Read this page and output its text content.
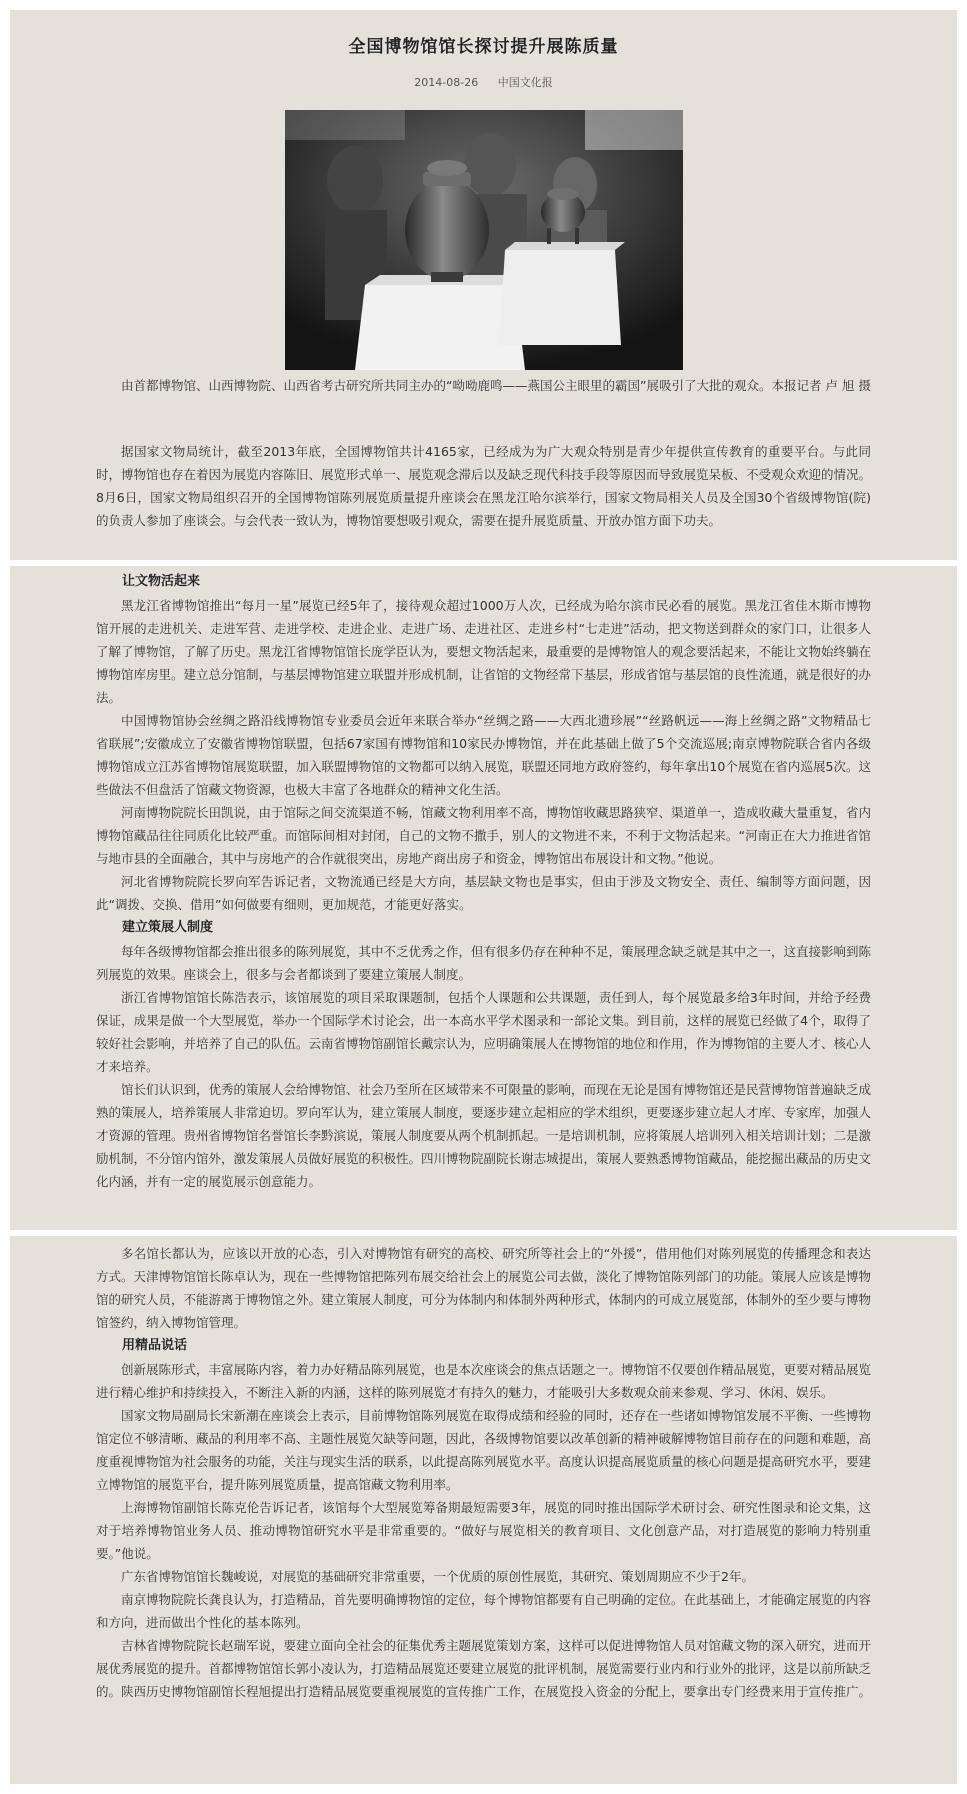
全国博物馆馆长探讨提升展陈质量
2014-08-26 中国文化报

由首都博物馆、山西博物院、山西省考古研究所共同主办的“呦呦鹿鸣——燕国公主眼里的霸国”展吸引了大批的观众。本报记者 卢 旭 摄

据国家文物局统计，截至2013年底，全国博物馆共计4165家，已经成为为广大观众特别是青少年提供宣传教育的重要平台。与此同时，博物馆也存在着因为展览内容陈旧、展览形式单一、展览观念滞后以及缺乏现代科技手段等原因而导致展览呆板、不受观众欢迎的情况。8月6日，国家文物局组织召开的全国博物馆陈列展览质量提升座谈会在黑龙江哈尔滨举行，国家文物局相关人员及全国30个省级博物馆(院)的负责人参加了座谈会。与会代表一致认为，博物馆要想吸引观众，需要在提升展览质量、开放办馆方面下功夫。

让文物活起来

黑龙江省博物馆推出“每月一星”展览已经5年了，接待观众超过1000万人次，已经成为哈尔滨市民必看的展览。黑龙江省佳木斯市博物馆开展的走进机关、走进军营、走进学校、走进企业、走进广场、走进社区、走进乡村“七走进”活动，把文物送到群众的家门口，让很多人了解了博物馆，了解了历史。黑龙江省博物馆馆长庞学臣认为，要想文物活起来，最重要的是博物馆人的观念要活起来，不能让文物始终躺在博物馆库房里。建立总分馆制，与基层博物馆建立联盟并形成机制，让省馆的文物经常下基层，形成省馆与基层馆的良性流通，就是很好的办法。

中国博物馆协会丝绸之路沿线博物馆专业委员会近年来联合举办“丝绸之路——大西北遗珍展”“丝路帆远——海上丝绸之路”文物精品七省联展”;安徽成立了安徽省博物馆联盟，包括67家国有博物馆和10家民办博物馆，并在此基础上做了5个交流巡展;南京博物院联合省内各级博物馆成立江苏省博物馆展览联盟，加入联盟博物馆的文物都可以纳入展览，联盟还同地方政府签约，每年拿出10个展览在省内巡展5次。这些做法不但盘活了馆藏文物资源，也极大丰富了各地群众的精神文化生活。

河南博物院院长田凯说，由于馆际之间交流渠道不畅，馆藏文物利用率不高，博物馆收藏思路狭窄、渠道单一，造成收藏大量重复，省内博物馆藏品往往同质化比较严重。而馆际间相对封闭，自己的文物不撒手，别人的文物进不来，不利于文物活起来。“河南正在大力推进省馆与地市县的全面融合，其中与房地产的合作就很突出，房地产商出房子和资金，博物馆出布展设计和文物。”他说。

河北省博物院院长罗向军告诉记者，文物流通已经是大方向，基层缺文物也是事实，但由于涉及文物安全、责任、编制等方面问题，因此“调拨、交换、借用”如何做要有细则，更加规范，才能更好落实。

建立策展人制度

每年各级博物馆都会推出很多的陈列展览，其中不乏优秀之作，但有很多仍存在种种不足，策展理念缺乏就是其中之一，这直接影响到陈列展览的效果。座谈会上，很多与会者都谈到了要建立策展人制度。

浙江省博物馆馆长陈浩表示，该馆展览的项目采取课题制，包括个人课题和公共课题，责任到人，每个展览最多给3年时间，并给予经费保证，成果是做一个大型展览，举办一个国际学术讨论会，出一本高水平学术图录和一部论文集。到目前，这样的展览已经做了4个，取得了较好社会影响，并培养了自己的队伍。云南省博物馆副馆长戴宗认为，应明确策展人在博物馆的地位和作用，作为博物馆的主要人才、核心人才来培养。

馆长们认识到，优秀的策展人会给博物馆、社会乃至所在区域带来不可限量的影响，而现在无论是国有博物馆还是民营博物馆普遍缺乏成熟的策展人，培养策展人非常迫切。罗向军认为，建立策展人制度，要逐步建立起相应的学术组织，更要逐步建立起人才库、专家库，加强人才资源的管理。贵州省博物馆名誉馆长李黔滨说，策展人制度要从两个机制抓起。一是培训机制，应将策展人培训列入相关培训计划；二是激励机制，不分馆内馆外，激发策展人员做好展览的积极性。四川博物院副院长谢志城提出，策展人要熟悉博物馆藏品，能挖掘出藏品的历史文化内涵，并有一定的展览展示创意能力。

多名馆长都认为，应该以开放的心态，引入对博物馆有研究的高校、研究所等社会上的“外援”，借用他们对陈列展览的传播理念和表达方式。天津博物馆馆长陈卓认为，现在一些博物馆把陈列布展交给社会上的展览公司去做，淡化了博物馆陈列部门的功能。策展人应该是博物馆的研究人员，不能游离于博物馆之外。建立策展人制度，可分为体制内和体制外两种形式，体制内的可成立展览部，体制外的至少要与博物馆签约，纳入博物馆管理。

用精品说话

创新展陈形式，丰富展陈内容，着力办好精品陈列展览，也是本次座谈会的焦点话题之一。博物馆不仅要创作精品展览，更要对精品展览进行精心维护和持续投入，不断注入新的内涵，这样的陈列展览才有持久的魅力，才能吸引大多数观众前来参观、学习、休闲、娱乐。

国家文物局副局长宋新潮在座谈会上表示，目前博物馆陈列展览在取得成绩和经验的同时，还存在一些诸如博物馆发展不平衡、一些博物馆定位不够清晰、藏品的利用率不高、主题性展览欠缺等问题，因此，各级博物馆要以改革创新的精神破解博物馆目前存在的问题和难题，高度重视博物馆为社会服务的功能，关注与现实生活的联系，以此提高陈列展览水平。高度认识提高展览质量的核心问题是提高研究水平，要建立博物馆的展览平台，提升陈列展览质量，提高馆藏文物利用率。

上海博物馆副馆长陈克伦告诉记者，该馆每个大型展览筹备期最短需要3年，展览的同时推出国际学术研讨会、研究性图录和论文集，这对于培养博物馆业务人员、推动博物馆研究水平是非常重要的。“做好与展览相关的教育项目、文化创意产品，对打造展览的影响力特别重要。”他说。

广东省博物馆馆长魏峻说，对展览的基础研究非常重要，一个优质的原创性展览，其研究、策划周期应不少于2年。

南京博物院院长龚良认为，打造精品，首先要明确博物馆的定位，每个博物馆都要有自己明确的定位。在此基础上，才能确定展览的内容和方向，进而做出个性化的基本陈列。

吉林省博物院院长赵瑞军说，要建立面向全社会的征集优秀主题展览策划方案，这样可以促进博物馆人员对馆藏文物的深入研究，进而开展优秀展览的提升。首都博物馆馆长郭小凌认为，打造精品展览还要建立展览的批评机制，展览需要行业内和行业外的批评，这是以前所缺乏的。陕西历史博物馆副馆长程旭提出打造精品展览要重视展览的宣传推广工作，在展览投入资金的分配上，要拿出专门经费来用于宣传推广。
